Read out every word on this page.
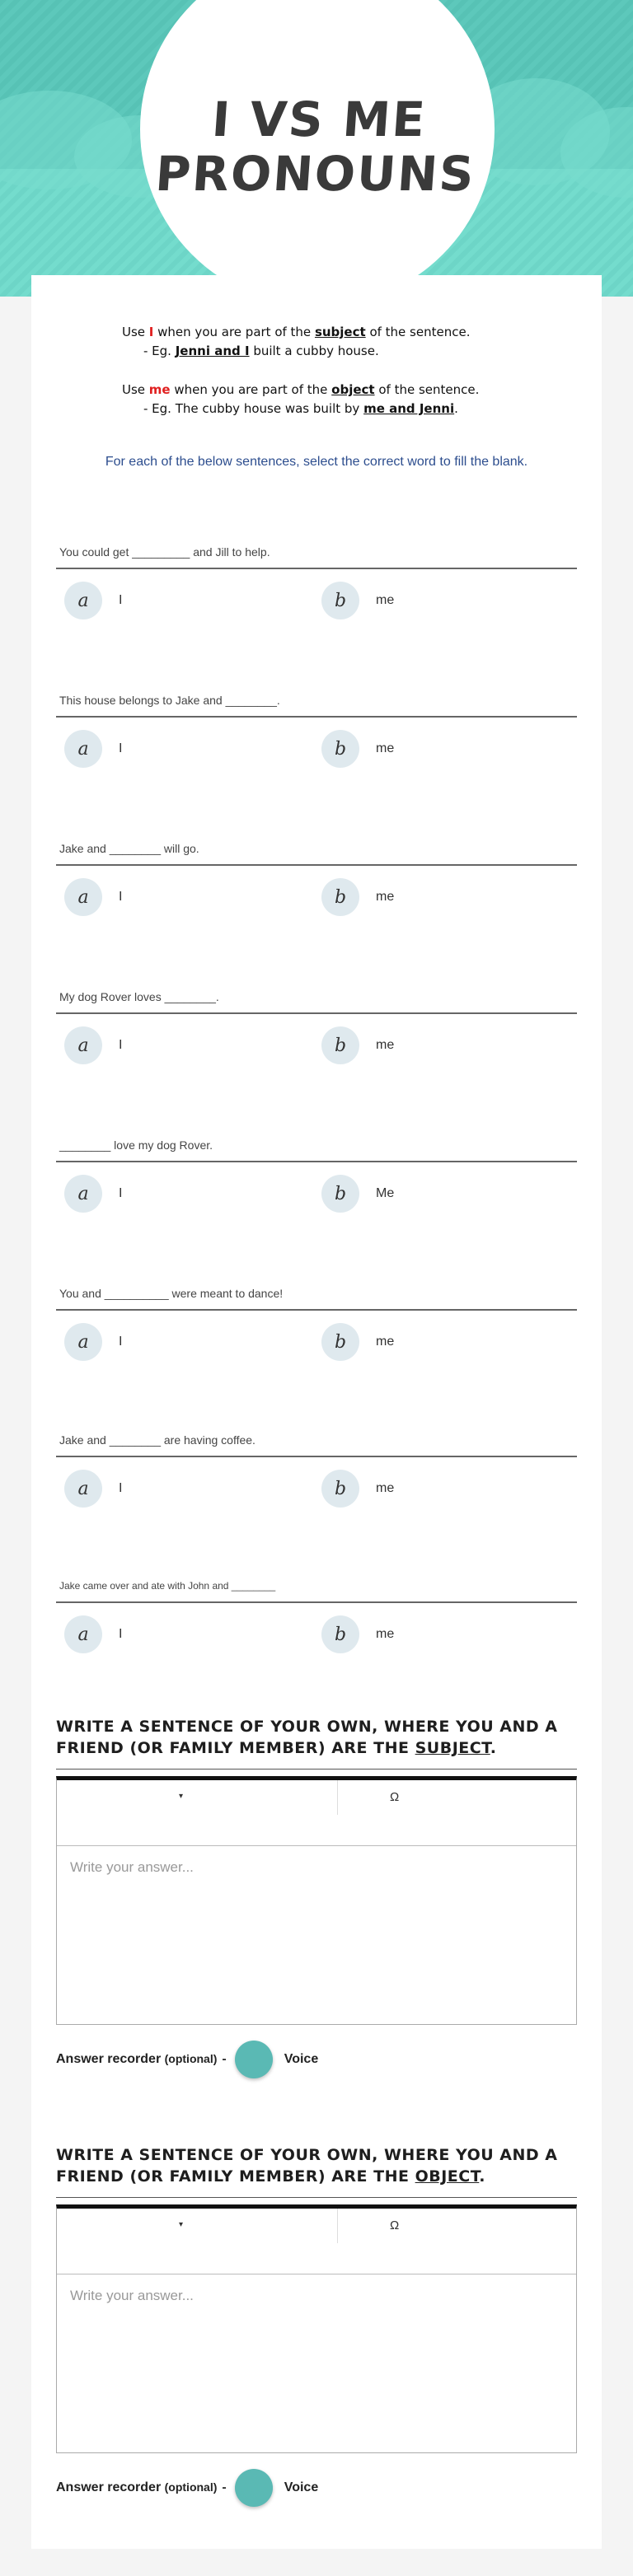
I VS ME
PRONOUNS
Use I when you are part of the subject of the sentence.
- Eg. Jenni and I built a cubby house.
Use me when you are part of the object of the sentence.
- Eg. The cubby house was built by me and Jenni.
For each of the below sentences, select the correct word to fill the blank.
You could get _________ and Jill to help.
a	I	b	me
This house belongs to Jake and ________.
a	I	b	me
Jake and ________ will go.
a	I	b	me
My dog Rover loves ________.
a	I	b	me
________ love my dog Rover.
a	I	b	Me
You and __________ were meant to dance!
a	I	b	me
Jake and ________ are having coffee.
a	I	b	me
Jake came over and ate with John and ________
a	I	b	me
WRITE A SENTENCE OF YOUR OWN, WHERE YOU AND A FRIEND (OR FAMILY MEMBER) ARE THE SUBJECT.
▾	Ω
Write your answer...
Answer recorder (optional) -	Voice
WRITE A SENTENCE OF YOUR OWN, WHERE YOU AND A FRIEND (OR FAMILY MEMBER) ARE THE OBJECT.
▾	Ω
Write your answer...
Answer recorder (optional) -	Voice
